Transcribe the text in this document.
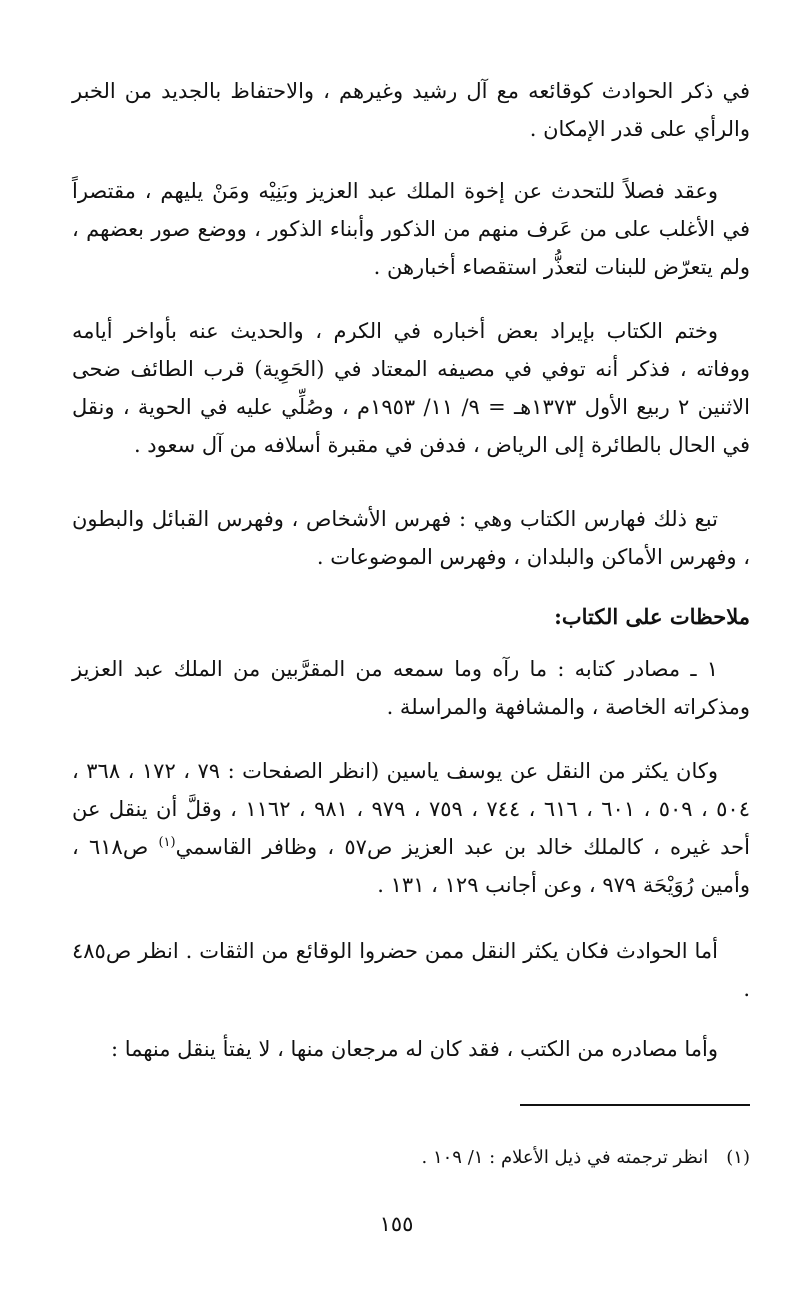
في ذكر الحوادث كوقائعه مع آل رشيد وغيرهم ، والاحتفاظ بالجديد من الخبر والرأي على قدر الإمكان .

وعقد فصلاً للتحدث عن إخوة الملك عبد العزيز وبَنِيْه ومَنْ يليهم ، مقتصراً في الأغلب على من عَرف منهم من الذكور وأبناء الذكور ، ووضع صور بعضهم ، ولم يتعرّض للبنات لتعذُّر استقصاء أخبارهن .

وختم الكتاب بإيراد بعض أخباره في الكرم ، والحديث عنه بأواخر أيامه ووفاته ، فذكر أنه توفي في مصيفه المعتاد في (الحَوِية) قرب الطائف ضحى الاثنين ٢ ربيع الأول ١٣٧٣هـ = ٩/ ١١/ ١٩٥٣م ، وصُلِّي عليه في الحوية ، ونقل في الحال بالطائرة إلى الرياض ، فدفن في مقبرة أسلافه من آل سعود .

تبع ذلك فهارس الكتاب وهي : فهرس الأشخاص ، وفهرس القبائل والبطون ، وفهرس الأماكن والبلدان ، وفهرس الموضوعات .

ملاحظات على الكتاب:

١ ـ مصادر كتابه : ما رآه وما سمعه من المقرَّبين من الملك عبد العزيز ومذكراته الخاصة ، والمشافهة والمراسلة .

وكان يكثر من النقل عن يوسف ياسين (انظر الصفحات : ٧٩ ، ١٧٢ ، ٣٦٨ ، ٥٠٤ ، ٥٠٩ ، ٦٠١ ، ٦١٦ ، ٧٤٤ ، ٧٥٩ ، ٩٧٩ ، ٩٨١ ، ١١٦٢ ، وقلَّ أن ينقل عن أحد غيره ، كالملك خالد بن عبد العزيز ص٥٧ ، وظافر القاسمي$^{(١)}$ ص٦١٨ ، وأمين رُوَيْحَة ٩٧٩ ، وعن أجانب ١٢٩ ، ١٣١ .

أما الحوادث فكان يكثر النقل ممن حضروا الوقائع من الثقات . انظر ص٤٨٥ .

وأما مصادره من الكتب ، فقد كان له مرجعان منها ، لا يفتأ ينقل منهما :

(١)انظر ترجمته في ذيل الأعلام : ١/ ١٠٩ .

١٥٥
